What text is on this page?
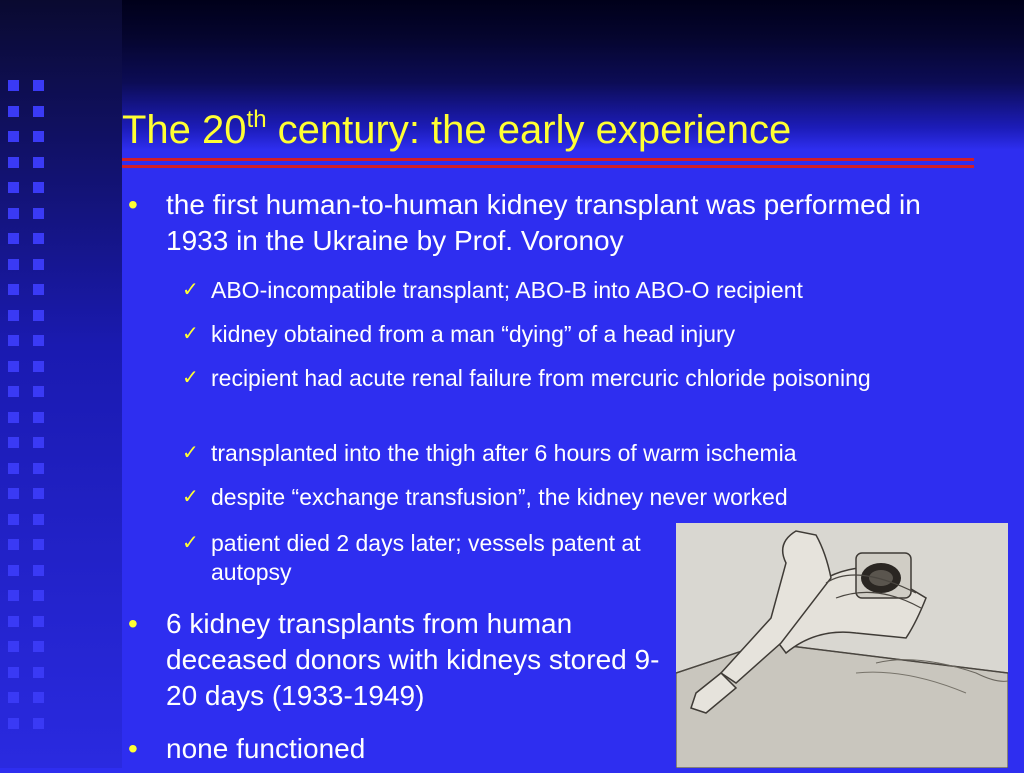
The 20th century: the early experience
• the first human-to-human kidney transplant was performed in 1933 in the Ukraine by Prof. Voronoy
✓ ABO-incompatible transplant; ABO-B into ABO-O recipient
✓ kidney obtained from a man “dying” of a head injury
✓ recipient had acute renal failure from mercuric chloride poisoning
✓ transplanted into the thigh after 6 hours of warm ischemia
✓ despite “exchange transfusion”, the kidney never worked
✓ patient died 2 days later; vessels patent at autopsy
• 6 kidney transplants from human deceased donors with kidneys stored 9-20 days (1933-1949)
• none functioned
